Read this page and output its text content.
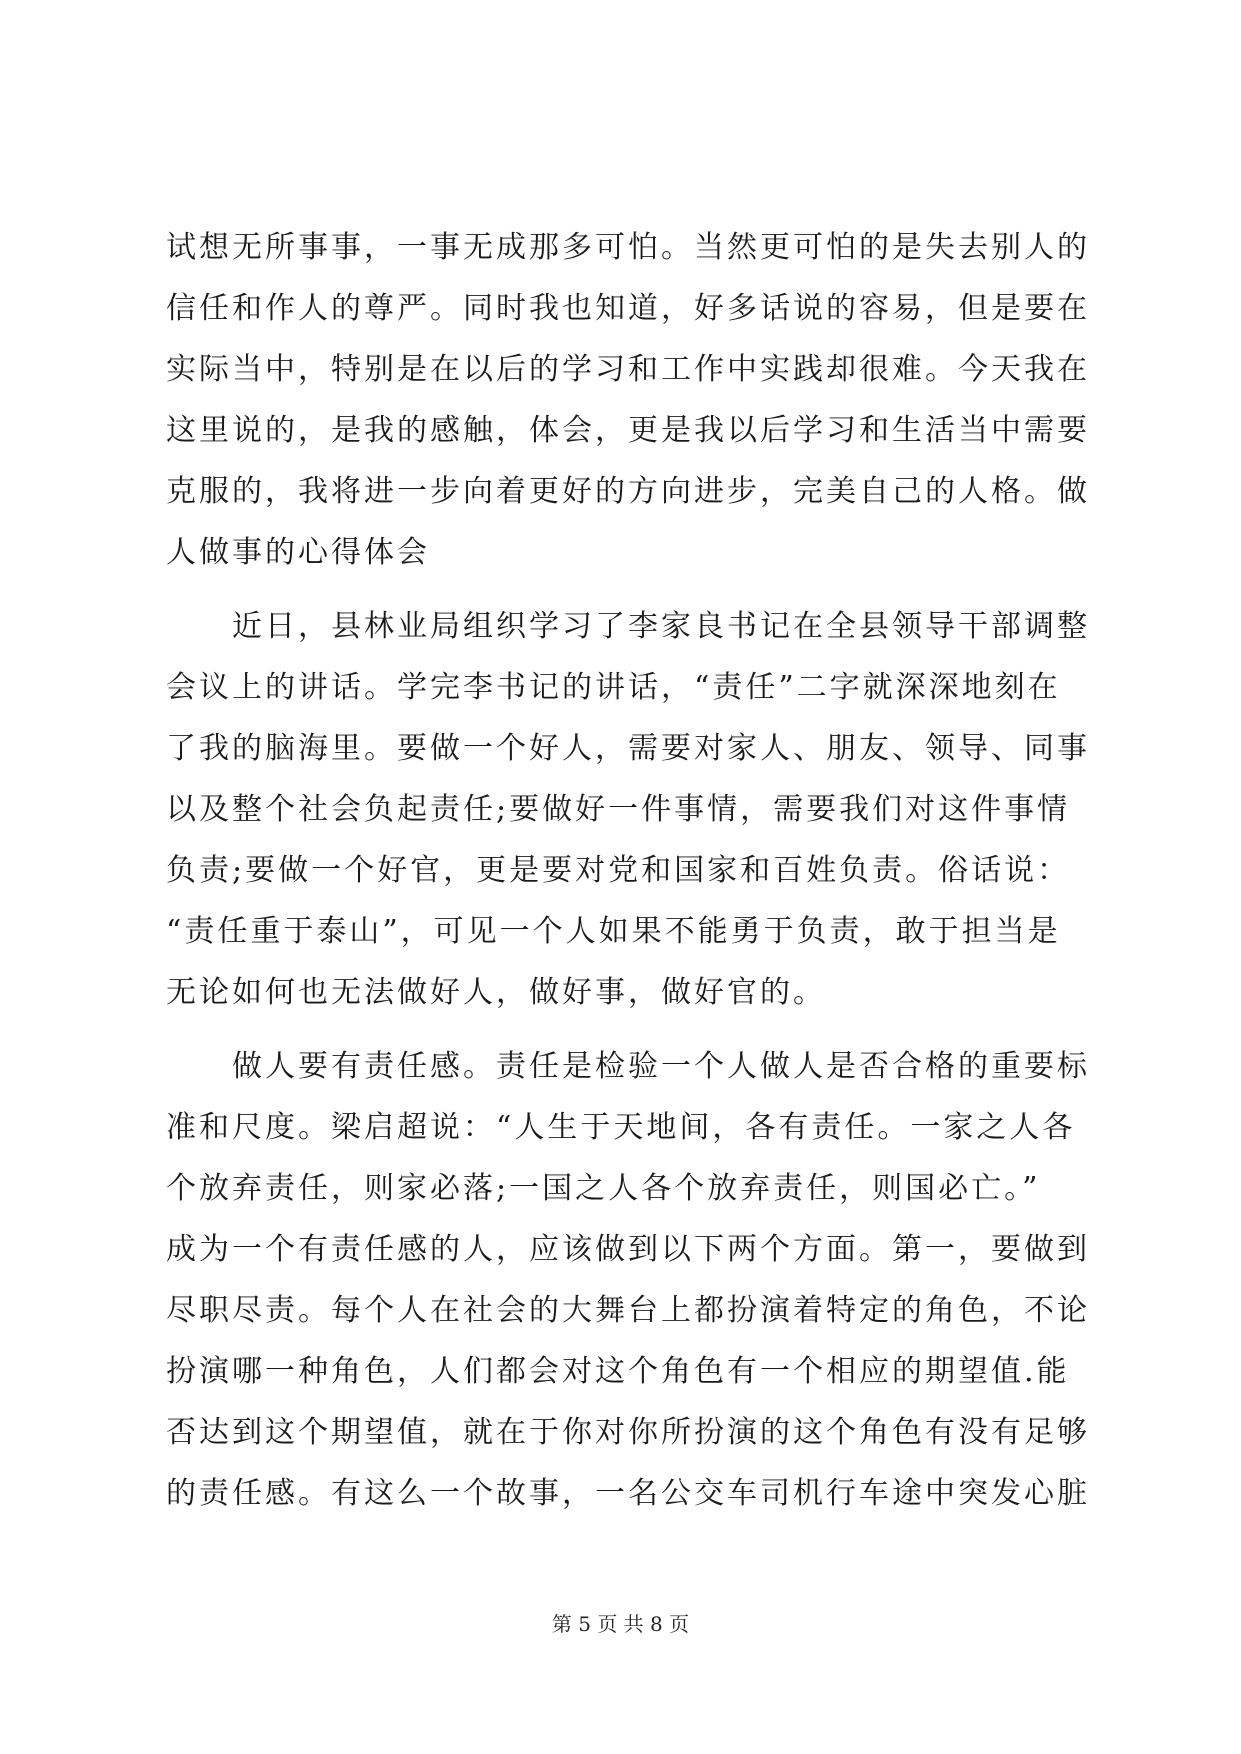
试想无所事事，一事无成那多可怕。当然更可怕的是失去别人的
信任和作人的尊严。同时我也知道，好多话说的容易，但是要在
实际当中，特别是在以后的学习和工作中实践却很难。今天我在
这里说的，是我的感触，体会，更是我以后学习和生活当中需要
克服的，我将进一步向着更好的方向进步，完美自己的人格。做
人做事的心得体会
近日，县林业局组织学习了李家良书记在全县领导干部调整
会议上的讲话。学完李书记的讲话，“责任”二字就深深地刻在
了我的脑海里。要做一个好人，需要对家人、朋友、领导、同事
以及整个社会负起责任;要做好一件事情，需要我们对这件事情
负责;要做一个好官，更是要对党和国家和百姓负责。俗话说：
“责任重于泰山”，可见一个人如果不能勇于负责，敢于担当是
无论如何也无法做好人，做好事，做好官的。
做人要有责任感。责任是检验一个人做人是否合格的重要标
准和尺度。梁启超说：“人生于天地间，各有责任。一家之人各
个放弃责任，则家必落;一国之人各个放弃责任，则国必亡。”
成为一个有责任感的人，应该做到以下两个方面。第一，要做到
尽职尽责。每个人在社会的大舞台上都扮演着特定的角色，不论
扮演哪一种角色，人们都会对这个角色有一个相应的期望值.能
否达到这个期望值，就在于你对你所扮演的这个角色有没有足够
的责任感。有这么一个故事，一名公交车司机行车途中突发心脏
第 5 页 共 8 页
